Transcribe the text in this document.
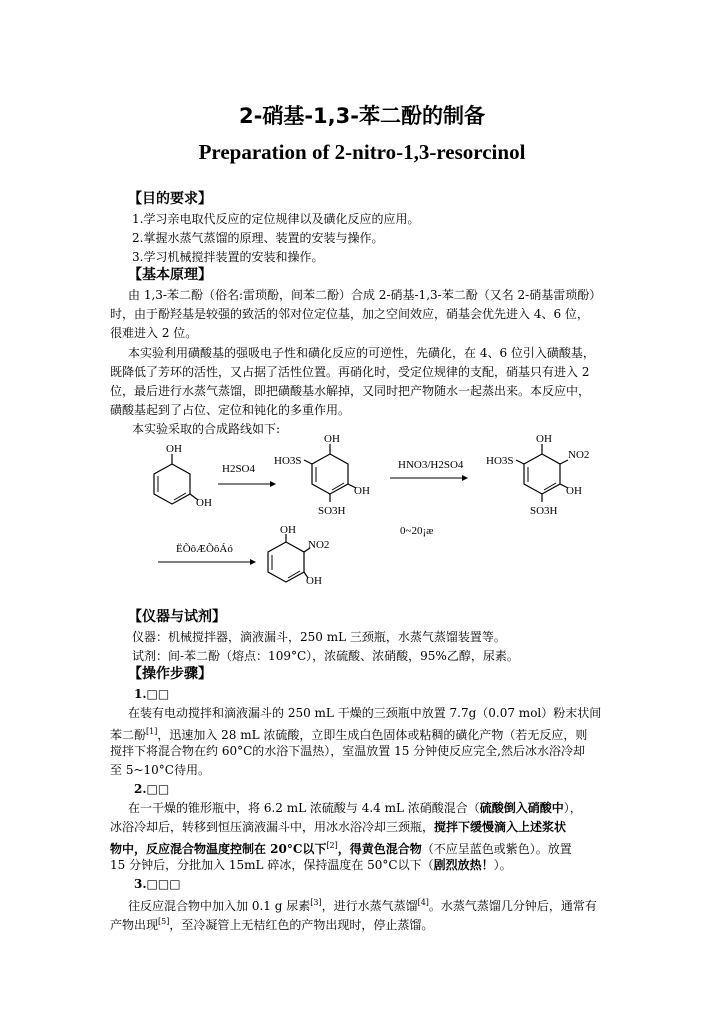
2-硝基-1,3-苯二酚的制备
Preparation of 2-nitro-1,3-resorcinol
【目的要求】
1.学习亲电取代反应的定位规律以及磺化反应的应用。
2.掌握水蒸气蒸馏的原理、装置的安装与操作。
3.学习机械搅拌装置的安装和操作。
【基本原理】
由 1,3-苯二酚（俗名:雷琐酚，间苯二酚）合成 2-硝基-1,3-苯二酚（又名 2-硝基雷琐酚）
时，由于酚羟基是较强的致活的邻对位定位基，加之空间效应，硝基会优先进入 4、6 位，
很难进入 2 位。
本实验利用磺酸基的强吸电子性和磺化反应的可逆性，先磺化，在 4、6 位引入磺酸基，
既降低了芳环的活性，又占据了活性位置。再硝化时，受定位规律的支配，硝基只有进入 2
位，最后进行水蒸气蒸馏，即把磺酸基水解掉，又同时把产物随水一起蒸出来。本反应中，
磺酸基起到了占位、定位和钝化的多重作用。
本实验采取的合成路线如下:
OH
OH
H2SO4
OH
HO3S
OH
SO3H
HNO3/H2SO4
OH
NO2
HO3S
OH
SO3H
ËÕôÆÕôÁó
OH
NO2
OH
0~20¡æ
【仪器与试剂】
仪器：机械搅拌器，滴液漏斗，250 mL 三颈瓶，水蒸气蒸馏装置等。
试剂：间-苯二酚（熔点：109°C），浓硫酸、浓硝酸，95%乙醇，尿素。
【操作步骤】
1.□□
在装有电动搅拌和滴液漏斗的 250 mL 干燥的三颈瓶中放置 7.7g（0.07 mol）粉末状间
苯二酚[1]，迅速加入 28 mL 浓硫酸，立即生成白色固体或粘稠的磺化产物（若无反应，则
搅拌下将混合物在约 60°C的水浴下温热），室温放置 15 分钟使反应完全,然后冰水浴冷却
至 5~10°C待用。
2.□□
在一干燥的锥形瓶中，将 6.2 mL 浓硫酸与 4.4 mL 浓硝酸混合（硫酸倒入硝酸中），
冰浴冷却后，转移到恒压滴液漏斗中，用冰水浴冷却三颈瓶，搅拌下缓慢滴入上述浆状
物中，反应混合物温度控制在 20°C以下[2]，得黄色混合物（不应呈蓝色或紫色）。放置
15 分钟后，分批加入 15mL 碎冰，保持温度在 50°C以下（剧烈放热！）。
3.□□□
往反应混合物中加入加 0.1 g 尿素[3]，进行水蒸气蒸馏[4]。水蒸气蒸馏几分钟后，通常有
产物出现[5]，至冷凝管上无桔红色的产物出现时，停止蒸馏。
